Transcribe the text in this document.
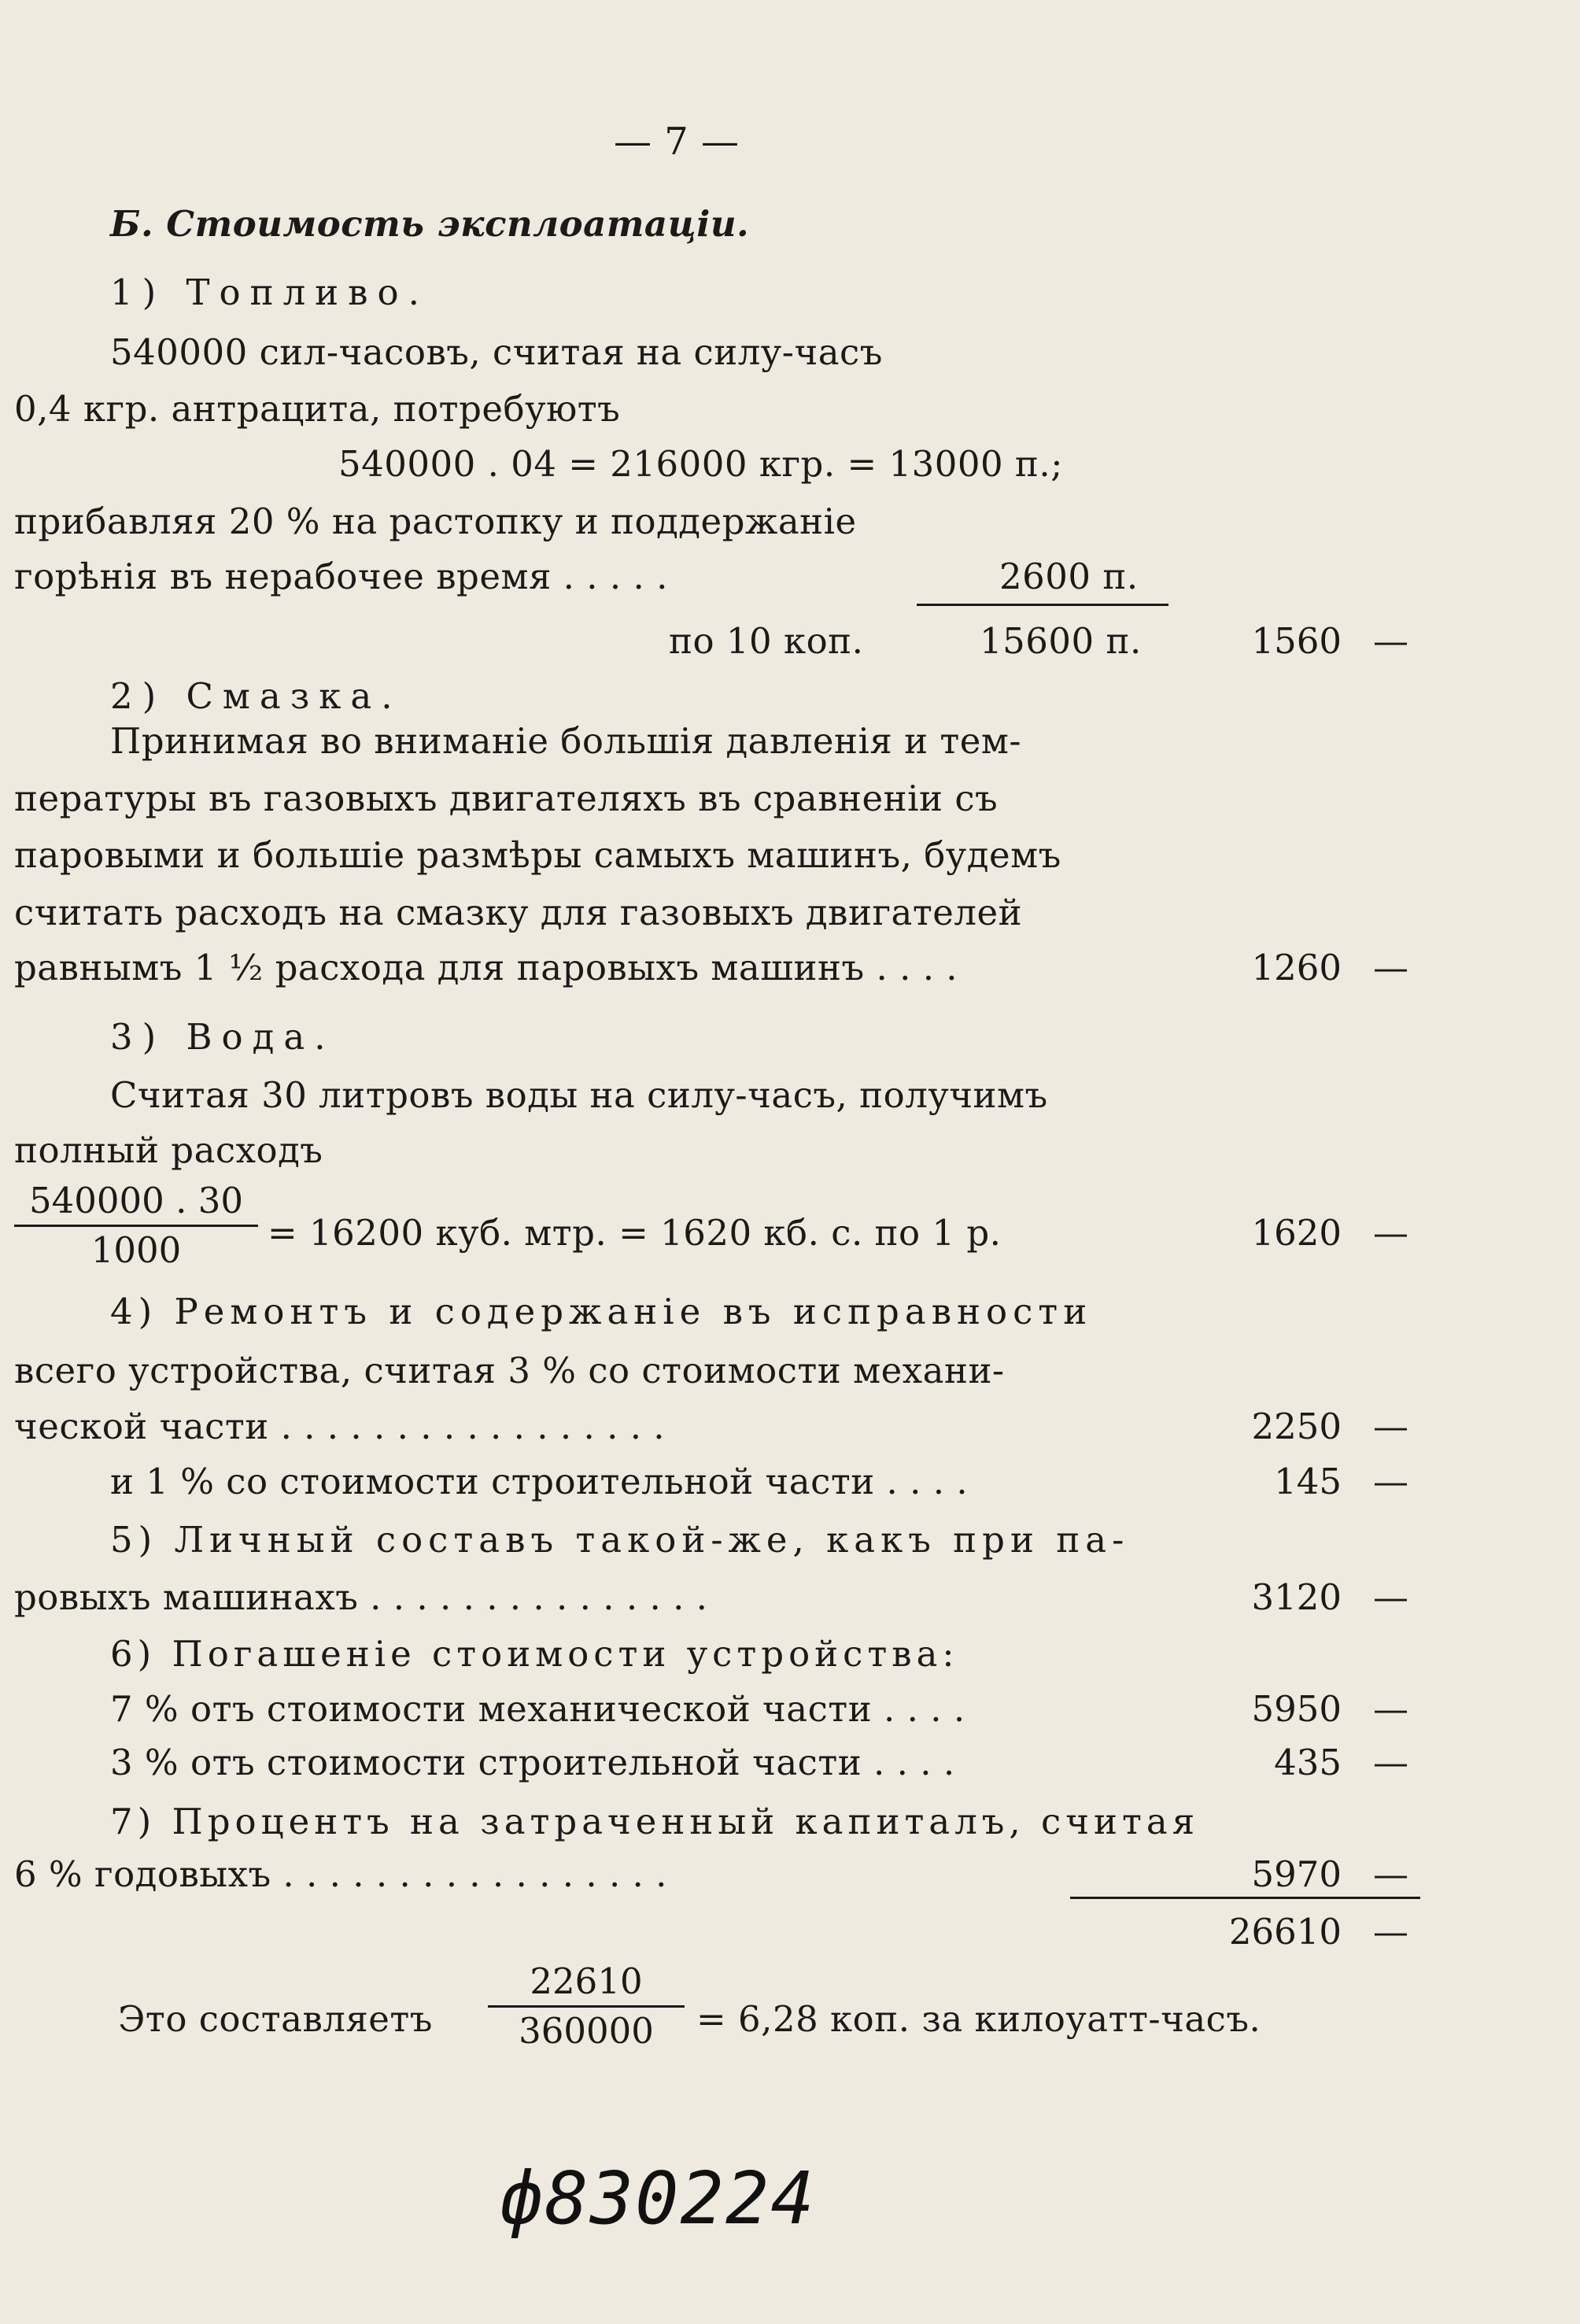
— 7 —
Б. Стоимость эксплоатацiи.
1) Топливо.
540000 сил-часовъ, считая на силу-часъ
0,4 кгр. антрацита, потребуютъ
540000 . 04 = 216000 кгр. = 13000 п.;
прибавляя 20 % на растопку и поддержанie
горѣнiя въ нерабочее время . . . . .	2600 п.
по 10 коп.	15600 п.	1560 —
2) Смазка.
Принимая во вниманiе большiя давленiя и тем-
пературы въ газовыхъ двигателяхъ въ сравненiи съ
паровыми и большiе размѣры самыхъ машинъ, будемъ
считать расходъ на смазку для газовыхъ двигателей
равнымъ 1 ½ расхода для паровыхъ машинъ . . . .	1260 —
3) Вода.
Считая 30 литровъ воды на силу-часъ, получимъ
полный расходъ
540000 . 30
1000	= 16200 куб. мтр. = 1620 кб. с. по 1 р.	1620 —
4) Ремонтъ и содержанiе въ исправности
всего устройства, считая 3 % со стоимости механи-
ческой части . . . . . . . . . . . . . . . . .	2250 —
и 1 % со стоимости строительной части . . . .	145 —
5) Личный составъ такой-же, какъ при па-
ровыхъ машинахъ . . . . . . . . . . . . . . .	3120 —
6) Погашенiе стоимости устройства:
7 % отъ стоимости механической части . . . .	5950 —
3 % отъ стоимости строительной части . . . .	435 —
7) Процентъ на затраченный капиталъ, считая
6 % годовыхъ . . . . . . . . . . . . . . . . .	5970 —
26610 —
Это составляетъ
22610
360000	= 6,28 коп. за килоуатт-часъ.
ф830224
